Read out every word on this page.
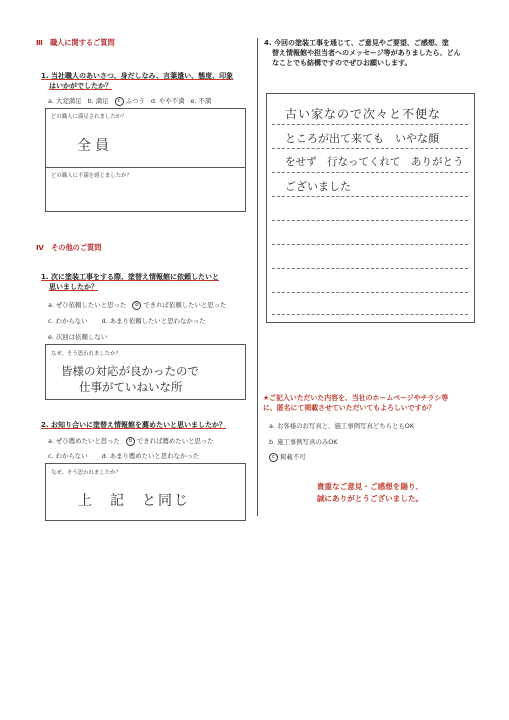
Ⅲ　職人に関するご質問
1. 当社職人のあいさつ、身だしなみ、言葉遣い、態度、印象
はいかがでしたか？
a. 大変満足 b. 満足 c ふつう d. やや不満 e. 不満
どの職人に満足されましたか？
全員
どの職人に不満を感じましたか？
Ⅳ　その他のご質問
1. 次に塗装工事をする際、塗替え情報館に依頼したいと
思いましたか？
a. ぜひ依頼したいと思った b できれば依頼したいと思った
c. わからない d. あまり依頼したいと思わなかった
e. 次回は依頼しない
なぜ、そう思われましたか？
皆様の対応が良かったので
仕事がていねいな所
2. お知り合いに塗替え情報館を薦めたいと思いましたか？
a. ぜひ薦めたいと思った b できれば薦めたいと思った
c. わからない d. あまり薦めたいと思わなかった
なぜ、そう思われましたか？
上　記　と同じ
4. 今回の塗装工事を通じて、ご意見やご要望、ご感想、塗
替え情報館や担当者へのメッセージ等がありましたら、どん
なことでも結構ですのでぜひお願いします。
古い家なので次々と不便な
ところが出て来ても　いやな顔
をせず　行なってくれて　ありがとう
ございました
★ご記入いただいた内容を、当社のホームページやチラシ等
に、匿名にて掲載させていただいてもよろしいですか？
a. お客様のお写真と、施工事例写真どちらともOK
b. 施工事例写真のみOK
c 掲載不可
貴重なご意見・ご感想を賜り、
誠にありがとうございました。
